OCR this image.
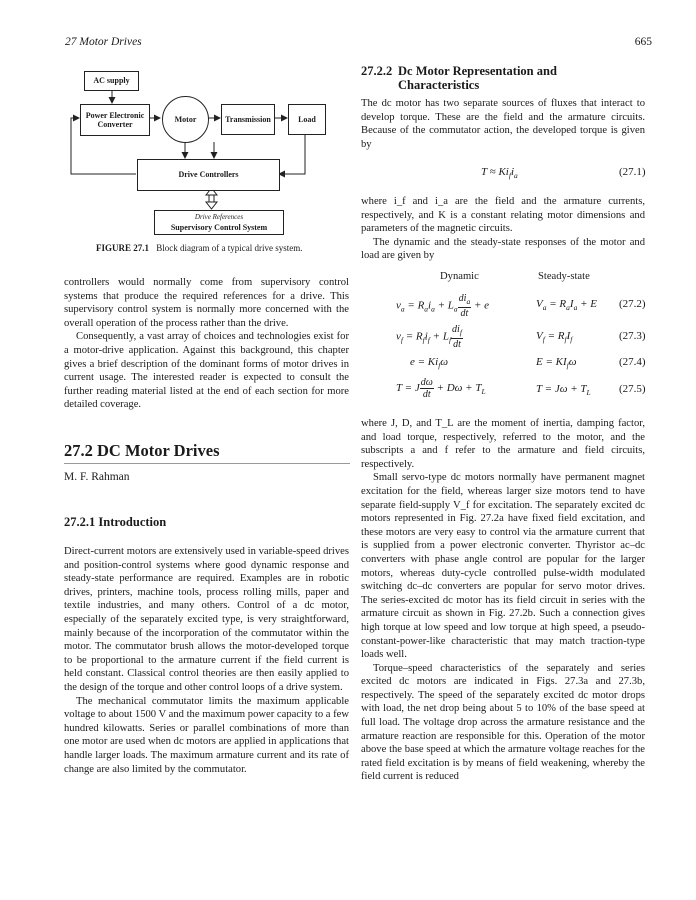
27 Motor Drives	665
AC supply
Power Electronic Converter
Motor	Transmission	Load
Drive Controllers
Drive References
Supervisory Control System
FIGURE 27.1 Block diagram of a typical drive system.

controllers would normally come from supervisory control systems that produce the required references for a drive. This supervisory control system is normally more concerned with the overall operation of the process rather than the drive.

Consequently, a vast array of choices and technologies exist for a motor-drive application. Against this background, this chapter gives a brief description of the dominant forms of motor drives in current usage. The interested reader is expected to consult the further reading material listed at the end of each section for more detailed coverage.

27.2 DC Motor Drives
M. F. Rahman
27.2.1 Introduction

Direct-current motors are extensively used in variable-speed drives and position-control systems where good dynamic response and steady-state performance are required. Examples are in robotic drives, printers, machine tools, process rolling mills, paper and textile industries, and many others. Control of a dc motor, especially of the separately excited type, is very straightforward, mainly because of the incorporation of the commutator within the motor. The commutator brush allows the motor-developed torque to be proportional to the armature current if the field current is held constant. Classical control theories are then easily applied to the design of the torque and other control loops of a drive system.

The mechanical commutator limits the maximum applicable voltage to about 1500 V and the maximum power capacity to a few hundred kilowatts. Series or parallel combinations of more than one motor are used when dc motors are applied in applications that handle larger loads. The maximum armature current and its rate of change are also limited by the commutator.

27.2.2 Dc Motor Representation and Characteristics

The dc motor has two separate sources of fluxes that interact to develop torque. These are the field and the armature circuits. Because of the commutator action, the developed torque is given by

$T \approx Ki_fi_a$	(27.1)

where i_f and i_a are the field and the armature currents, respectively, and K is a constant relating motor dimensions and parameters of the magnetic circuits.

The dynamic and the steady-state responses of the motor and load are given by

Dynamic	Steady-state
$v_a = R_ai_a + L_a \frac{di_a}{dt} + e$	$V_a = R_aI_a + E$ (27.2)
$v_f = R_fi_f + L_f \frac{di_f}{dt}$	$V_f = R_fI_f$	(27.3)
$e = Ki_f\omega$	$E = KI_f\omega$	(27.4)
T = J $\frac{d\omega}{dt} + D\omega + T_L$	$T = J\omega + T_L$	(27.5)

where J, D, and T_L are the moment of inertia, damping factor, and load torque, respectively, referred to the motor, and the subscripts a and f refer to the armature and field circuits, respectively.

Small servo-type dc motors normally have permanent magnet excitation for the field, whereas larger size motors tend to have separate field-supply V_f for excitation. The separately excited dc motors represented in Fig. 27.2a have fixed field excitation, and these motors are very easy to control via the armature current that is supplied from a power electronic converter. Thyristor ac–dc converters with phase angle control are popular for the larger motors, whereas duty-cycle controlled pulse-width modulated switching dc–dc converters are popular for servo motor drives. The series-excited dc motor has its field circuit in series with the armature circuit as shown in Fig. 27.2b. Such a connection gives high torque at low speed and low torque at high speed, a pseudo-constant-power-like characteristic that may match traction-type loads well.

Torque–speed characteristics of the separately and series excited dc motors are indicated in Figs. 27.3a and 27.3b, respectively. The speed of the separately excited dc motor drops with load, the net drop being about 5 to 10% of the base speed at full load. The voltage drop across the armature resistance and the armature reaction are responsible for this. Operation of the motor above the base speed at which the armature voltage reaches for the rated field excitation is by means of field weakening, whereby the field current is reduced
